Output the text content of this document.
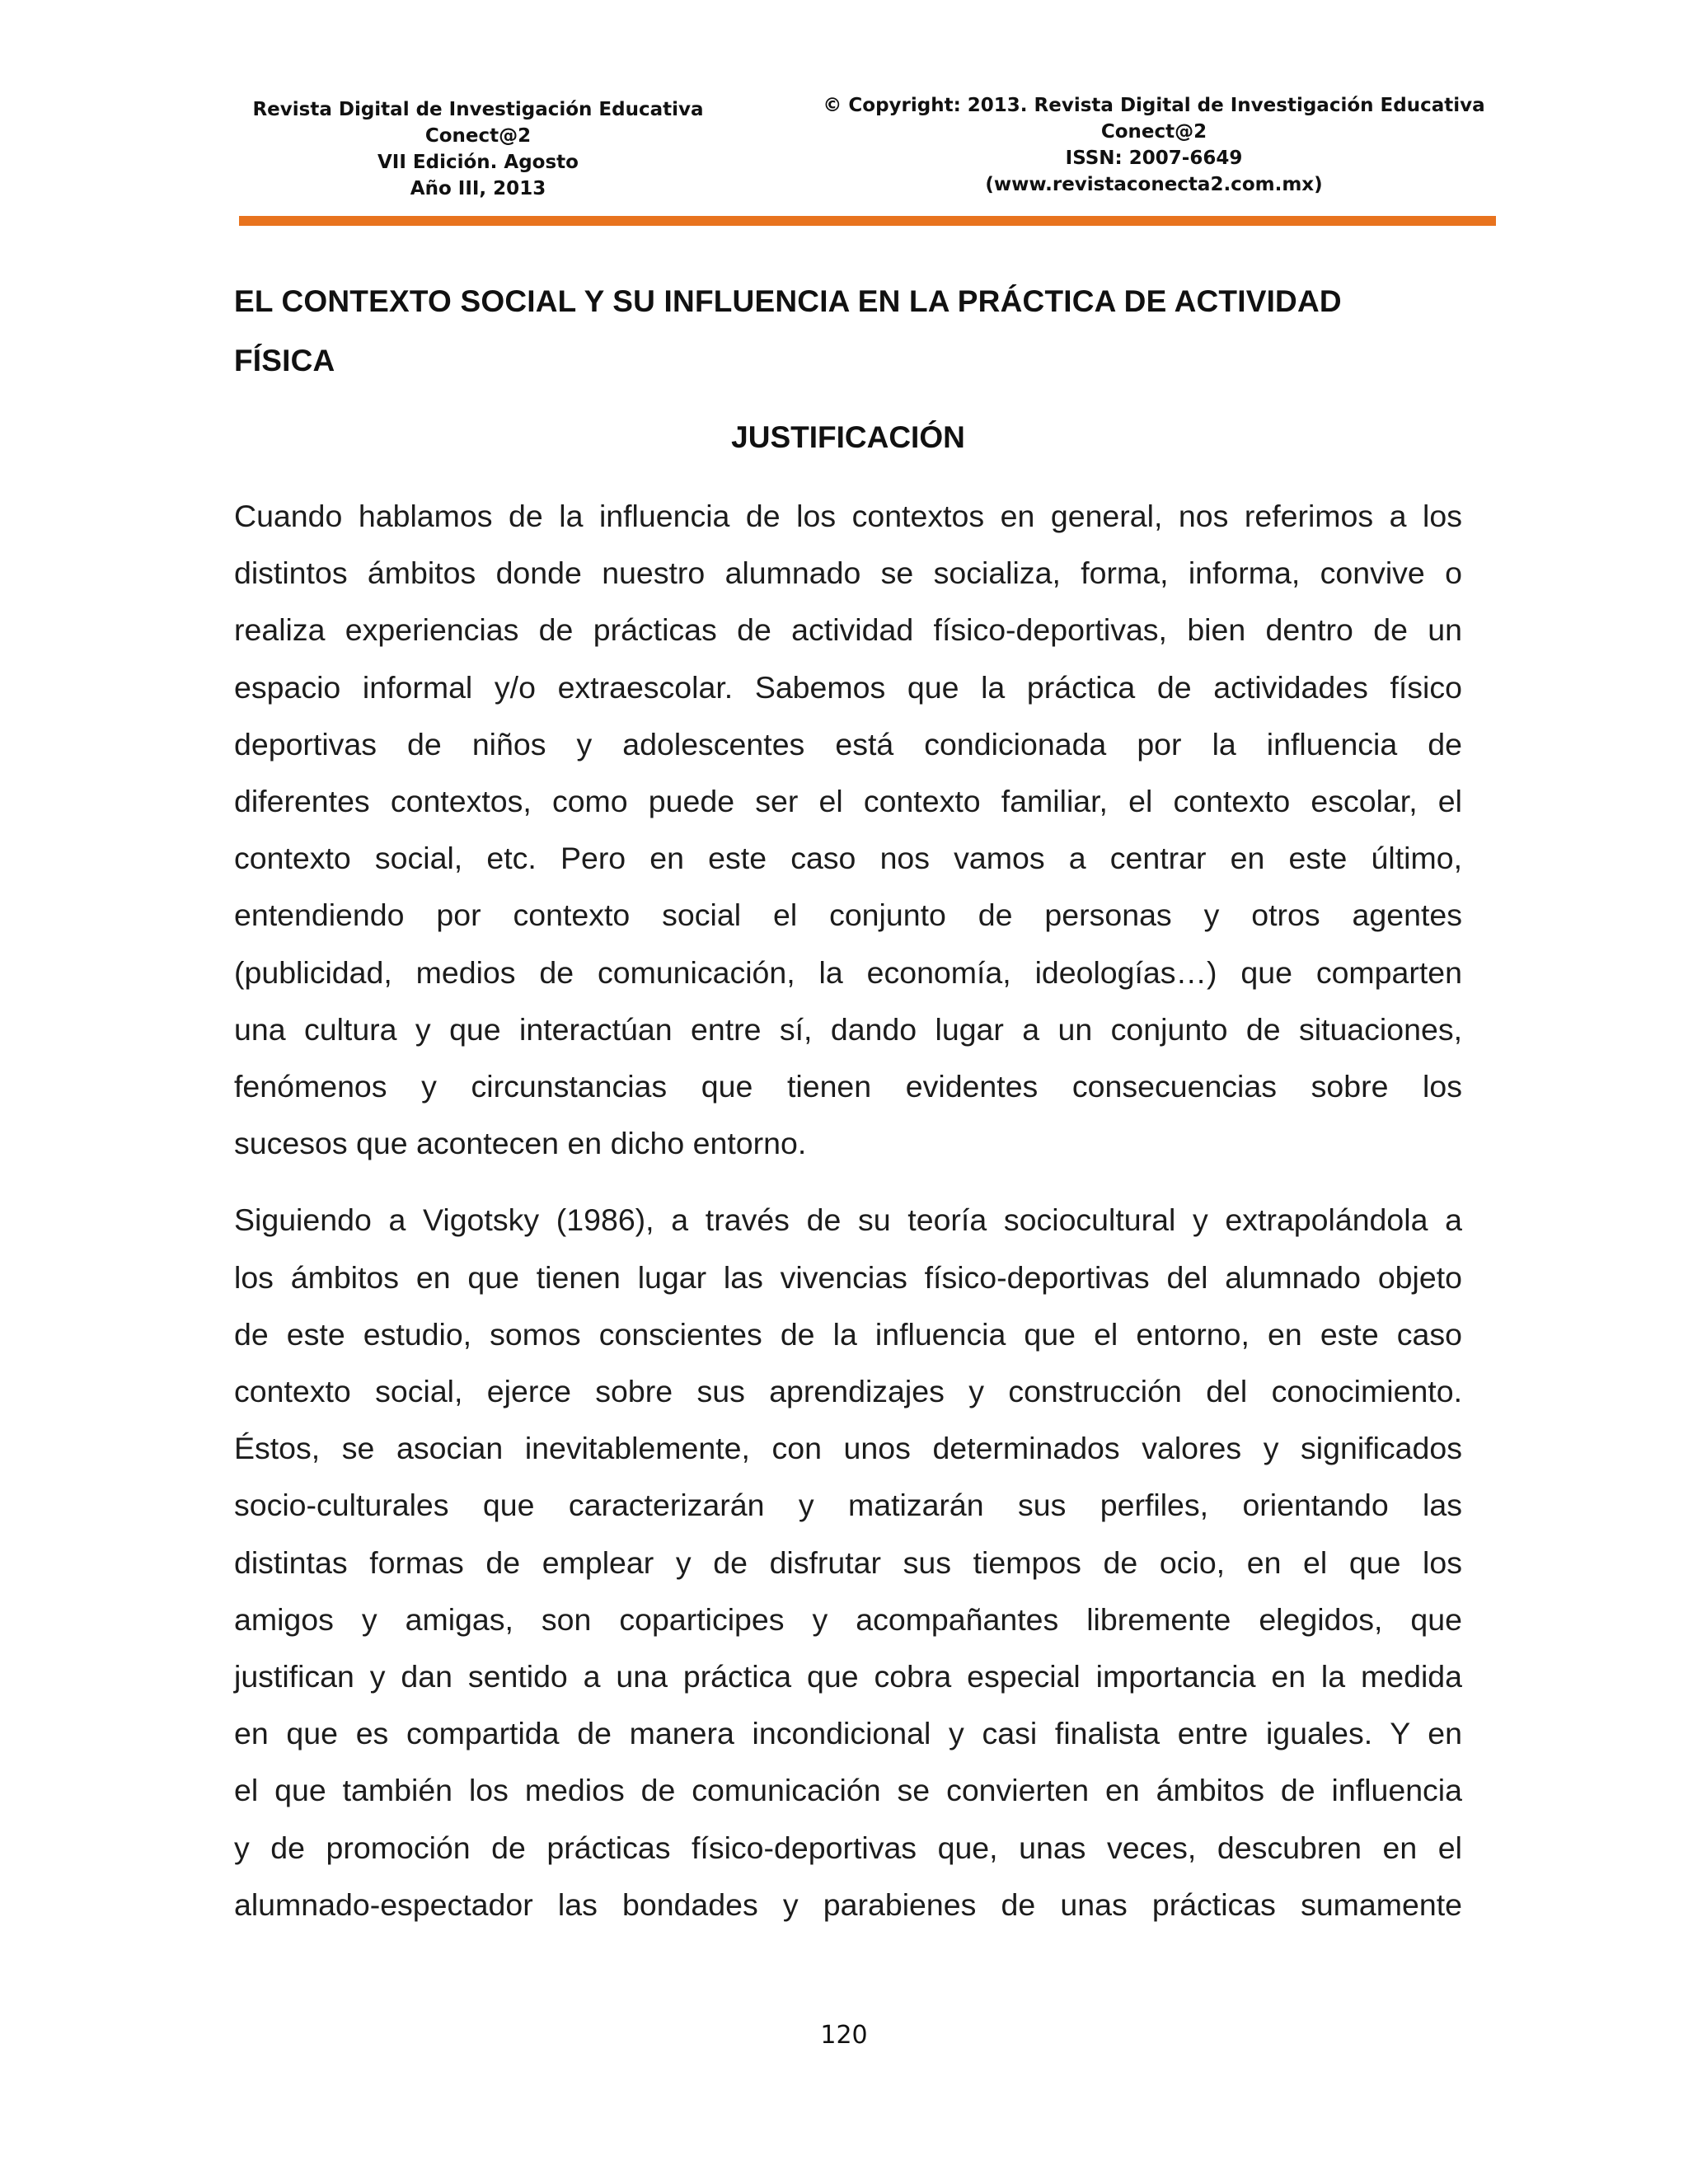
Revista Digital de Investigación Educativa
Conect@2
VII Edición. Agosto
Año III, 2013
© Copyright: 2013. Revista Digital de Investigación Educativa
Conect@2
ISSN: 2007-6649
(www.revistaconecta2.com.mx)
EL CONTEXTO SOCIAL Y SU INFLUENCIA EN LA PRÁCTICA DE ACTIVIDAD
FÍSICA
JUSTIFICACIÓN

Cuando hablamos de la influencia de los contextos en general, nos referimos a los
distintos ámbitos donde nuestro alumnado se socializa, forma, informa, convive o
realiza experiencias de prácticas de actividad físico-deportivas, bien dentro de un
espacio informal y/o extraescolar. Sabemos que la práctica de actividades físico
deportivas de niños y adolescentes está condicionada por la influencia de
diferentes contextos, como puede ser el contexto familiar, el contexto escolar, el
contexto social, etc. Pero en este caso nos vamos a centrar en este último,
entendiendo por contexto social el conjunto de personas y otros agentes
(publicidad, medios de comunicación, la economía, ideologías…) que comparten
una cultura y que interactúan entre sí, dando lugar a un conjunto de situaciones,
fenómenos y circunstancias que tienen evidentes consecuencias sobre los
sucesos que acontecen en dicho entorno.

Siguiendo a Vigotsky (1986), a través de su teoría sociocultural y extrapolándola a
los ámbitos en que tienen lugar las vivencias físico-deportivas del alumnado objeto
de este estudio, somos conscientes de la influencia que el entorno, en este caso
contexto social, ejerce sobre sus aprendizajes y construcción del conocimiento.
Éstos, se asocian inevitablemente, con unos determinados valores y significados
socio-culturales que caracterizarán y matizarán sus perfiles, orientando las
distintas formas de emplear y de disfrutar sus tiempos de ocio, en el que los
amigos y amigas, son coparticipes y acompañantes libremente elegidos, que
justifican y dan sentido a una práctica que cobra especial importancia en la medida
en que es compartida de manera incondicional y casi finalista entre iguales. Y en
el que también los medios de comunicación se convierten en ámbitos de influencia
y de promoción de prácticas físico-deportivas que, unas veces, descubren en el
alumnado-espectador las bondades y parabienes de unas prácticas sumamente

120
